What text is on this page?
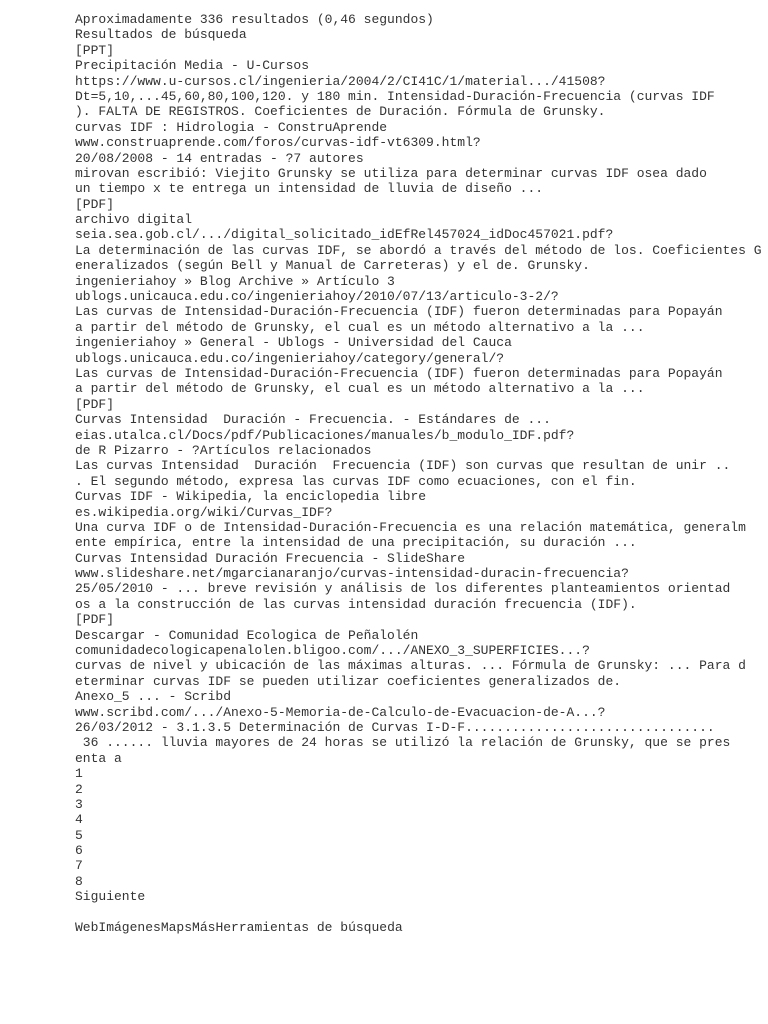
Aproximadamente 336 resultados (0,46 segundos)
Resultados de búsqueda
[PPT]
Precipitación Media - U-Cursos
https://www.u-cursos.cl/ingenieria/2004/2/CI41C/1/material.../41508?
Dt=5,10,...45,60,80,100,120. y 180 min. Intensidad-Duración-Frecuencia (curvas IDF
). FALTA DE REGISTROS. Coeficientes de Duración. Fórmula de Grunsky.
curvas IDF : Hidrologia - ConstruAprende
www.construaprende.com/foros/curvas-idf-vt6309.html?
20/08/2008 - 14 entradas - ?7 autores
mirovan escribió: Viejito Grunsky se utiliza para determinar curvas IDF osea dado
un tiempo x te entrega un intensidad de lluvia de diseño ...
[PDF]
archivo digital
seia.sea.gob.cl/.../digital_solicitado_idEfRel457024_idDoc457021.pdf?
La determinación de las curvas IDF, se abordó a través del método de los. Coeficientes G
eneralizados (según Bell y Manual de Carreteras) y el de. Grunsky.
ingenieriahoy » Blog Archive » Artículo 3
ublogs.unicauca.edu.co/ingenieriahoy/2010/07/13/articulo-3-2/?
Las curvas de Intensidad-Duración-Frecuencia (IDF) fueron determinadas para Popayán
a partir del método de Grunsky, el cual es un método alternativo a la ...
ingenieriahoy » General - Ublogs - Universidad del Cauca
ublogs.unicauca.edu.co/ingenieriahoy/category/general/?
Las curvas de Intensidad-Duración-Frecuencia (IDF) fueron determinadas para Popayán
a partir del método de Grunsky, el cual es un método alternativo a la ...
[PDF]
Curvas Intensidad  Duración - Frecuencia. - Estándares de ...
eias.utalca.cl/Docs/pdf/Publicaciones/manuales/b_modulo_IDF.pdf?
de R Pizarro - ?Artículos relacionados
Las curvas Intensidad  Duración  Frecuencia (IDF) son curvas que resultan de unir ..
. El segundo método, expresa las curvas IDF como ecuaciones, con el fin.
Curvas IDF - Wikipedia, la enciclopedia libre
es.wikipedia.org/wiki/Curvas_IDF?
Una curva IDF o de Intensidad-Duración-Frecuencia es una relación matemática, generalm
ente empírica, entre la intensidad de una precipitación, su duración ...
Curvas Intensidad Duración Frecuencia - SlideShare
www.slideshare.net/mgarcianaranjo/curvas-intensidad-duracin-frecuencia?
25/05/2010 - ... breve revisión y análisis de los diferentes planteamientos orientad
os a la construcción de las curvas intensidad duración frecuencia (IDF).
[PDF]
Descargar - Comunidad Ecologica de Peñalolén
comunidadecologicapenalolen.bligoo.com/.../ANEXO_3_SUPERFICIES...?
curvas de nivel y ubicación de las máximas alturas. ... Fórmula de Grunsky: ... Para d
eterminar curvas IDF se pueden utilizar coeficientes generalizados de.
Anexo_5 ... - Scribd
www.scribd.com/.../Anexo-5-Memoria-de-Calculo-de-Evacuacion-de-A...?
26/03/2012 - 3.1.3.5 Determinación de Curvas I-D-F................................
36 ...... lluvia mayores de 24 horas se utilizó la relación de Grunsky, que se pres
enta a
1
2
3
4
5
6
7
8
Siguiente
WebImágenesMapsMásHerramientas de búsqueda
